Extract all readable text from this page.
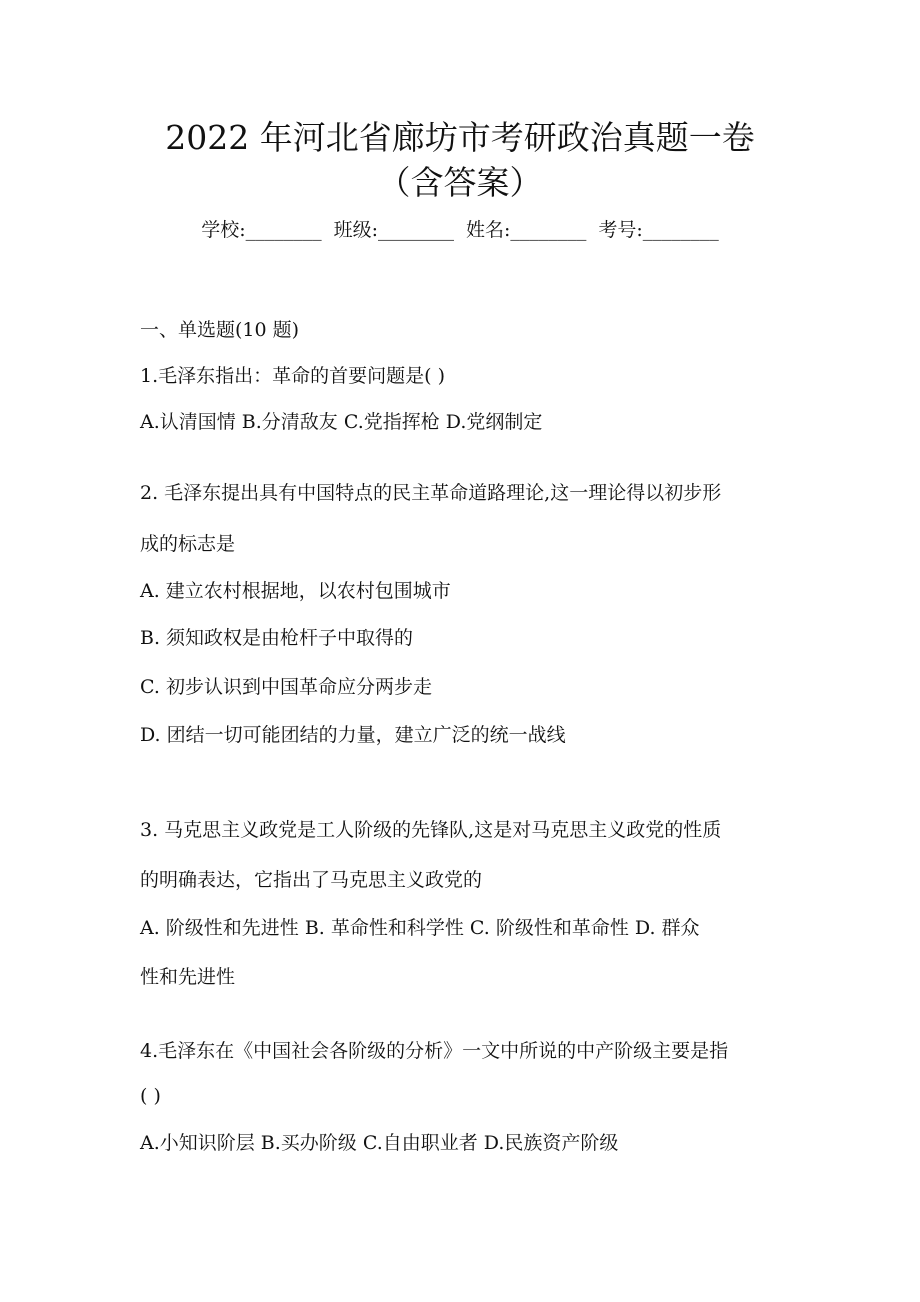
2022 年河北省廊坊市考研政治真题一卷
（含答案）
学校:________ 班级:________ 姓名:________ 考号:________
一、单选题(10 题)
1.毛泽东指出：革命的首要问题是( )
A.认清国情 B.分清敌友 C.党指挥枪 D.党纲制定
2. 毛泽东提出具有中国特点的民主革命道路理论,这一理论得以初步形
成的标志是
A. 建立农村根据地，以农村包围城市
B. 须知政权是由枪杆子中取得的
C. 初步认识到中国革命应分两步走
D. 团结一切可能团结的力量，建立广泛的统一战线
3. 马克思主义政党是工人阶级的先锋队,这是对马克思主义政党的性质
的明确表达，它指出了马克思主义政党的
A. 阶级性和先进性 B. 革命性和科学性 C. 阶级性和革命性 D. 群众
性和先进性
4.毛泽东在《中国社会各阶级的分析》一文中所说的中产阶级主要是指
( )
A.小知识阶层 B.买办阶级 C.自由职业者 D.民族资产阶级
